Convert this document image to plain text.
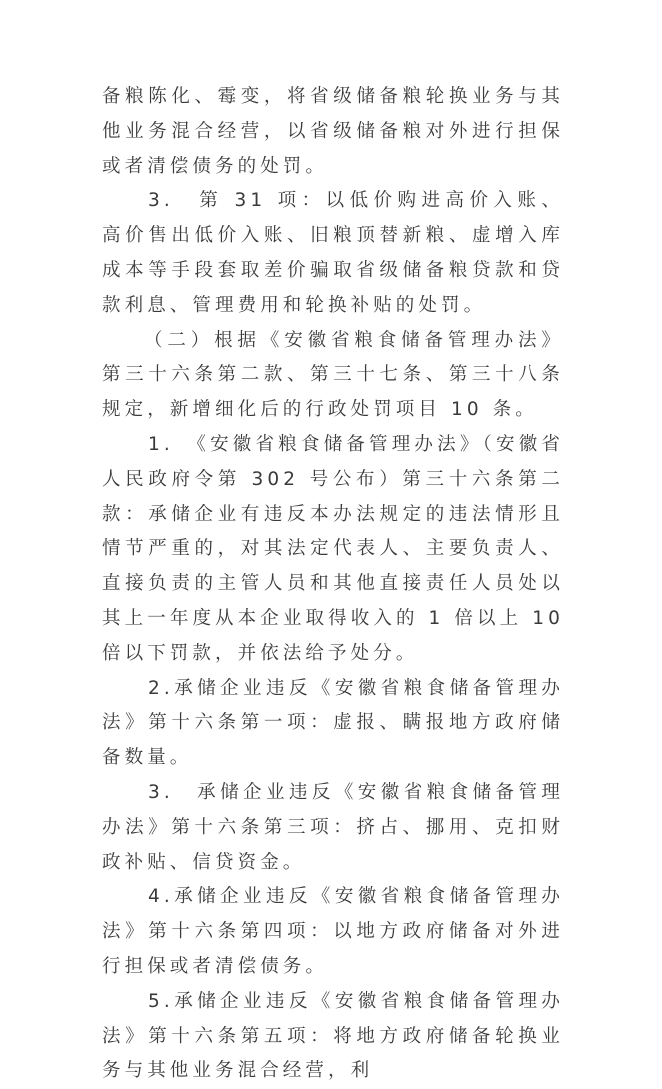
备粮陈化、霉变，将省级储备粮轮换业务与其他业务混合经营，以省级储备粮对外进行担保或者清偿债务的处罚。

3.　第 31 项：以低价购进高价入账、高价售出低价入账、旧粮顶替新粮、虚增入库成本等手段套取差价骗取省级储备粮贷款和贷款利息、管理费用和轮换补贴的处罚。

（二）根据《安徽省粮食储备管理办法》第三十六条第二款、第三十七条、第三十八条规定，新增细化后的行政处罚项目 10 条。

1.　《安徽省粮食储备管理办法》（安徽省人民政府令第 302 号公布）第三十六条第二款：承储企业有违反本办法规定的违法情形且情节严重的，对其法定代表人、主要负责人、直接负责的主管人员和其他直接责任人员处以其上一年度从本企业取得收入的 1 倍以上 10 倍以下罚款，并依法给予处分。

2.承储企业违反《安徽省粮食储备管理办法》第十六条第一项：虚报、瞒报地方政府储备数量。

3.　承储企业违反《安徽省粮食储备管理办法》第十六条第三项：挤占、挪用、克扣财政补贴、信贷资金。

4.承储企业违反《安徽省粮食储备管理办法》第十六条第四项：以地方政府储备对外进行担保或者清偿债务。

5.承储企业违反《安徽省粮食储备管理办法》第十六条第五项：将地方政府储备轮换业务与其他业务混合经营，利
